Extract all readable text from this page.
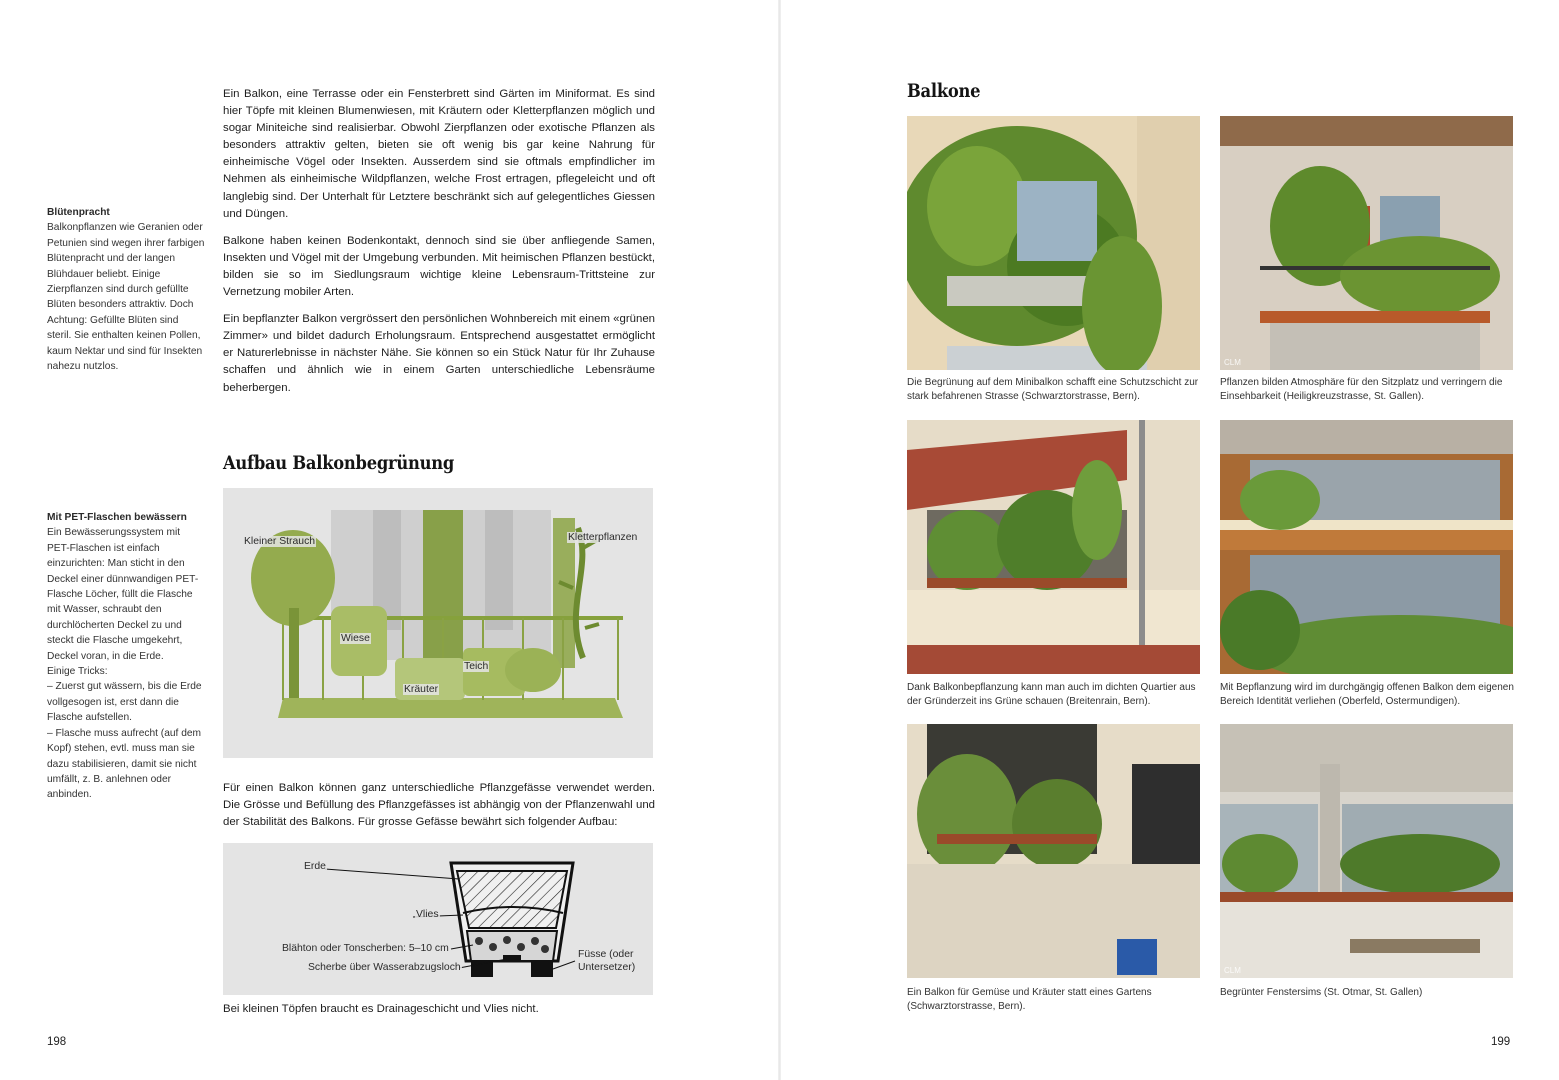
Ein Balkon, eine Terrasse oder ein Fensterbrett sind Gärten im Miniformat. Es sind hier Töpfe mit kleinen Blumenwiesen, mit Kräutern oder Kletterpflanzen möglich und sogar Miniteiche sind realisierbar. Obwohl Zierpflanzen oder exotische Pflanzen als besonders attraktiv gelten, bieten sie oft wenig bis gar keine Nahrung für einheimische Vögel oder Insekten. Ausserdem sind sie oftmals empfindlicher im Nehmen als einheimische Wildpflanzen, welche Frost ertragen, pflegeleicht und oft langlebig sind. Der Unterhalt für Letztere beschränkt sich auf gelegentliches Giessen und Düngen.

Balkone haben keinen Bodenkontakt, dennoch sind sie über anfliegende Samen, Insekten und Vögel mit der Umgebung verbunden. Mit heimischen Pflanzen bestückt, bilden sie so im Siedlungsraum wichtige kleine Lebensraum-Trittsteine zur Vernetzung mobiler Arten.

Ein bepflanzter Balkon vergrössert den persönlichen Wohnbereich mit einem «grünen Zimmer» und bildet dadurch Erholungsraum. Entsprechend ausgestattet ermöglicht er Naturerlebnisse in nächster Nähe. Sie können so ein Stück Natur für Ihr Zuhause schaffen und ähnlich wie in einem Garten unterschiedliche Lebensräume beherbergen.

Blütenpracht
Balkonpflanzen wie Geranien oder Petunien sind wegen ihrer farbigen Blütenpracht und der langen Blühdauer beliebt. Einige Zierpflanzen sind durch gefüllte Blüten besonders attraktiv. Doch Achtung: Gefüllte Blüten sind steril. Sie enthalten keinen Pollen, kaum Nektar und sind für Insekten nahezu nutzlos.
Aufbau Balkonbegrünung
Kleiner Strauch	Kletterpflanzen
Wiese
Teich
Kräuter
Mit PET-Flaschen bewässern
Ein Bewässerungssystem mit PET-Flaschen ist einfach einzurichten: Man sticht in den Deckel einer dünnwandigen PET-Flasche Löcher, füllt die Flasche mit Wasser, schraubt den durchlöcherten Deckel zu und steckt die Flasche umgekehrt, Deckel voran, in die Erde.
Einige Tricks:
– Zuerst gut wässern, bis die Erde vollgesogen ist, erst dann die Flasche aufstellen.
– Flasche muss aufrecht (auf dem Kopf) stehen, evtl. muss man sie dazu stabilisieren, damit sie nicht umfällt, z. B. anlehnen oder anbinden.

Für einen Balkon können ganz unterschiedliche Pflanzgefässe verwendet werden. Die Grösse und Befüllung des Pflanzgefässes ist abhängig von der Pflanzenwahl und der Stabilität des Balkons. Für grosse Gefässe bewährt sich folgender Aufbau:

Erde
Vlies
Blähton oder Tonscherben: 5–10 cm
Scherbe über Wasserabzugsloch
Füsse (oder Untersetzer)

Bei kleinen Töpfen braucht es Drainageschicht und Vlies nicht.

198
Balkone
Die Begrünung auf dem Minibalkon schafft eine Schutzschicht zur stark befahrenen Strasse (Schwarztorstrasse, Bern).
CLM
Pflanzen bilden Atmosphäre für den Sitzplatz und verringern die Einsehbarkeit (Heiligkreuzstrasse, St. Gallen).
Dank Balkonbepflanzung kann man auch im dichten Quartier aus der Gründerzeit ins Grüne schauen (Breitenrain, Bern).
Mit Bepflanzung wird im durchgängig offenen Balkon dem eigenen Bereich Identität verliehen (Oberfeld, Ostermundigen).
Ein Balkon für Gemüse und Kräuter statt eines Gartens (Schwarztorstrasse, Bern).
CLM
Begrünter Fenstersims (St. Otmar, St. Gallen)
199
